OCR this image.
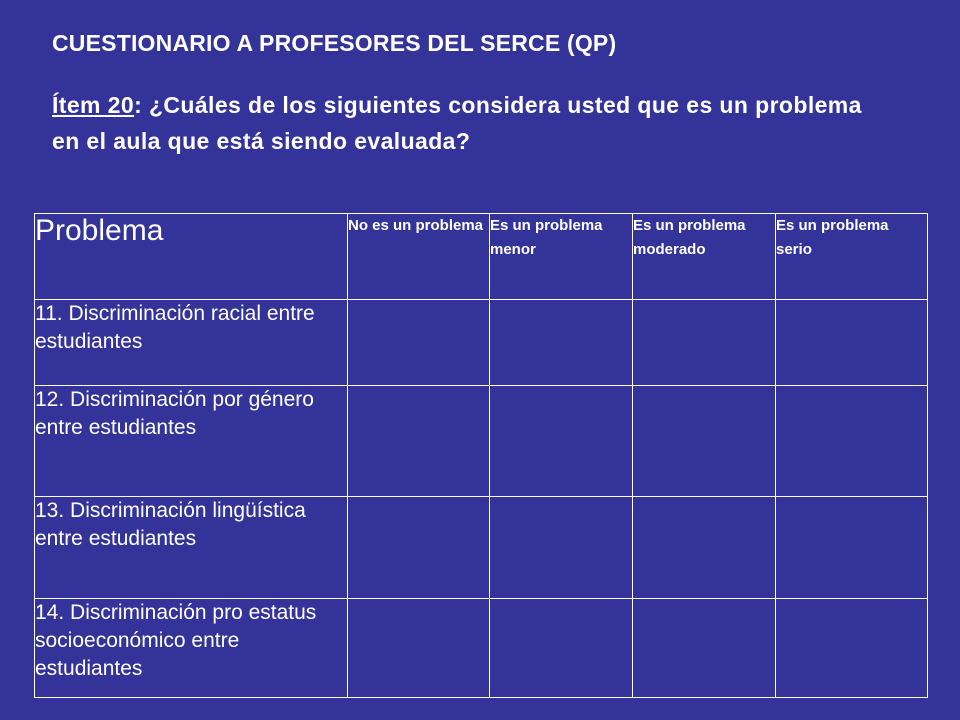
CUESTIONARIO A PROFESORES DEL SERCE (QP)
Ítem 20: ¿Cuáles de los siguientes considera usted que es un problema en el aula que está siendo evaluada?
Problema	No es un problema	Es un problema menor	Es un problema moderado	Es un problema serio
11. Discriminación racial entre estudiantes				
12. Discriminación por género entre estudiantes				
13. Discriminación lingüística entre estudiantes				
14. Discriminación pro estatus socioeconómico entre estudiantes				
